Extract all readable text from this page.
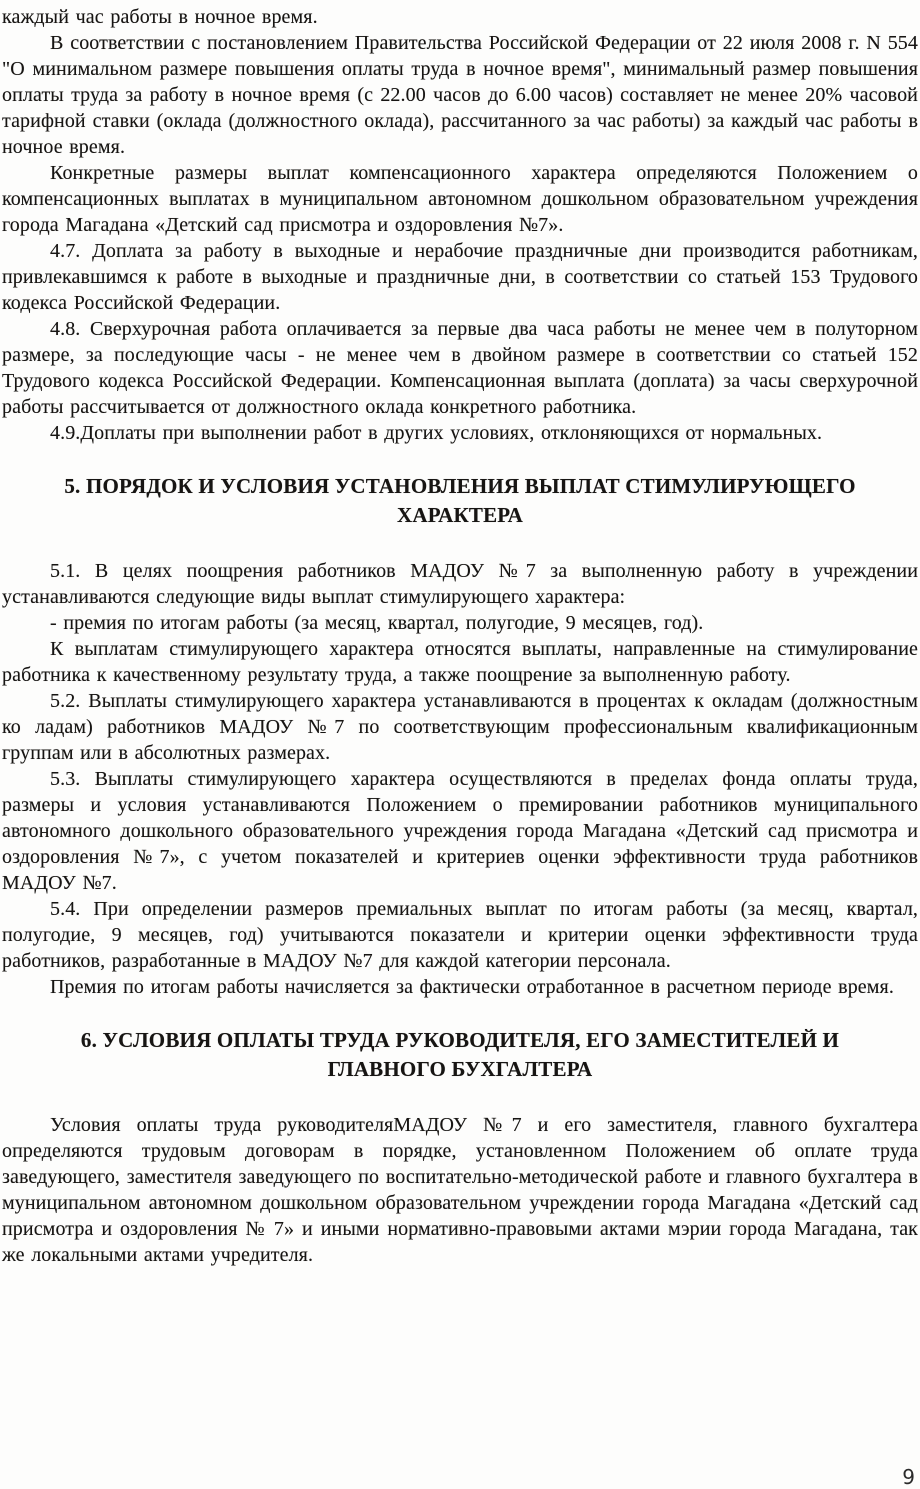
каждый час работы в ночное время.

В соответствии с постановлением Правительства Российской Федерации от 22 июля 2008 г. N 554 "О минимальном размере повышения оплаты труда в ночное время", минимальный размер повышения оплаты труда за работу в ночное время (с 22.00 часов до 6.00 часов) составляет не менее 20% часовой тарифной ставки (оклада (должностного оклада), рассчитанного за час работы) за каждый час работы в ночное время.

Конкретные размеры выплат компенсационного характера определяются Положением о компенсационных выплатах в муниципальном автономном дошкольном образовательном учреждения города Магадана «Детский сад присмотра и оздоровления №7».

4.7. Доплата за работу в выходные и нерабочие праздничные дни производится работникам, привлекавшимся к работе в выходные и праздничные дни, в соответствии со статьей 153 Трудового кодекса Российской Федерации.

4.8. Сверхурочная работа оплачивается за первые два часа работы не менее чем в полуторном размере, за последующие часы - не менее чем в двойном размере в соответствии со статьей 152 Трудового кодекса Российской Федерации. Компенсационная выплата (доплата) за часы сверхурочной работы рассчитывается от должностного оклада конкретного работника.

4.9.Доплаты при выполнении работ в других условиях, отклоняющихся от нормальных.

5. ПОРЯДОК И УСЛОВИЯ УСТАНОВЛЕНИЯ ВЫПЛАТ СТИМУЛИРУЮЩЕГО
ХАРАКТЕРА

5.1. В целях поощрения работников МАДОУ №7 за выполненную работу в учреждении устанавливаются следующие виды выплат стимулирующего характера:

- премия по итогам работы (за месяц, квартал, полугодие, 9 месяцев, год).

К выплатам стимулирующего характера относятся выплаты, направленные на стимулирование работника к качественному результату труда, а также поощрение за выполненную работу.

5.2. Выплаты стимулирующего характера устанавливаются в процентах к окладам (должностным ко ладам) работников МАДОУ №7 по соответствующим профессиональным квалификационным группам или в абсолютных размерах.

5.3. Выплаты стимулирующего характера осуществляются в пределах фонда оплаты труда, размеры и условия устанавливаются Положением о премировании работников муниципального автономного дошкольного образовательного учреждения города Магадана «Детский сад присмотра и оздоровления №7», с учетом показателей и критериев оценки эффективности труда работников МАДОУ №7.

5.4. При определении размеров премиальных выплат по итогам работы (за месяц, квартал, полугодие, 9 месяцев, год) учитываются показатели и критерии оценки эффективности труда работников, разработанные в МАДОУ №7 для каждой категории персонала.

Премия по итогам работы начисляется за фактически отработанное в расчетном периоде время.

6. УСЛОВИЯ ОПЛАТЫ ТРУДА РУКОВОДИТЕЛЯ, ЕГО ЗАМЕСТИТЕЛЕЙ И
ГЛАВНОГО БУХГАЛТЕРА

Условия оплаты труда руководителяМАДОУ №7 и его заместителя, главного бухгалтера определяются трудовым договорам в порядке, установленном Положением об оплате труда заведующего, заместителя заведующего по воспитательно-методической работе и главного бухгалтера в муниципальном автономном дошкольном образовательном учреждении города Магадана «Детский сад присмотра и оздоровления № 7» и иными нормативно-правовыми актами мэрии города Магадана, так же локальными актами учредителя.

9
